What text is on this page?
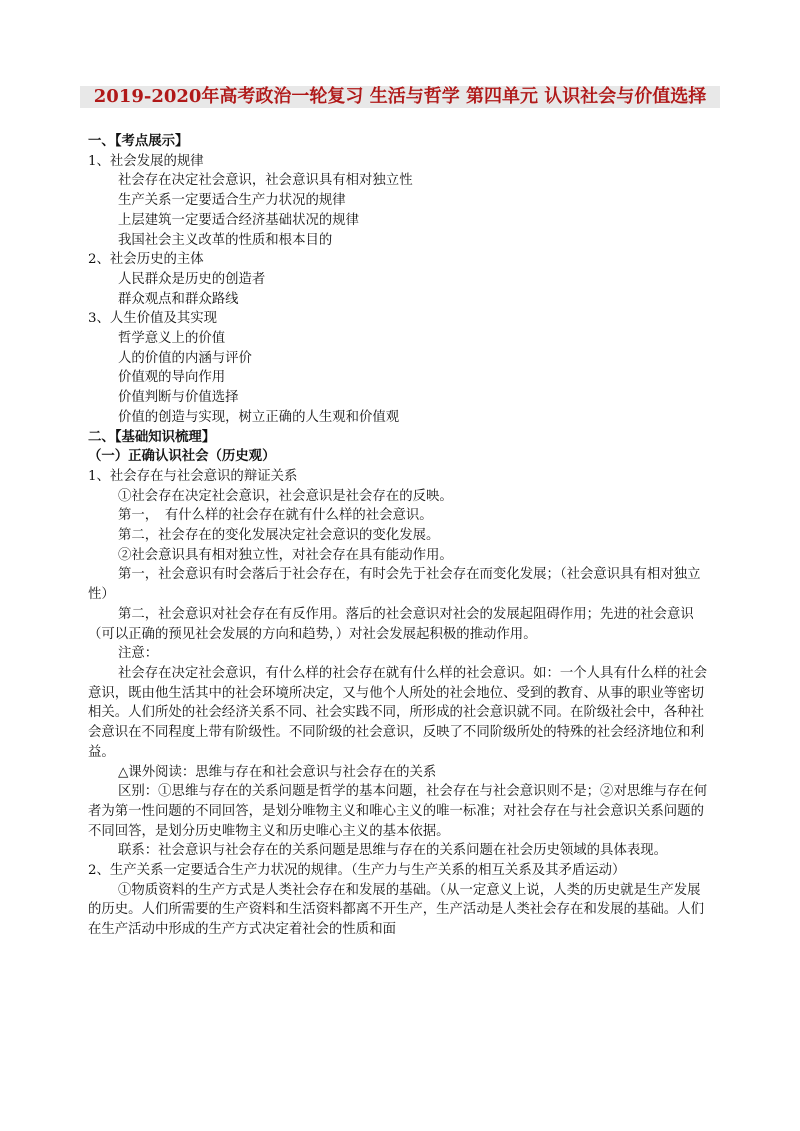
2019-2020年高考政治一轮复习 生活与哲学 第四单元 认识社会与价值选择

一、【考点展示】

1、社会发展的规律

社会存在决定社会意识，社会意识具有相对独立性

生产关系一定要适合生产力状况的规律

上层建筑一定要适合经济基础状况的规律

我国社会主义改革的性质和根本目的

2、社会历史的主体

人民群众是历史的创造者

群众观点和群众路线

3、人生价值及其实现

哲学意义上的价值

人的价值的内涵与评价

价值观的导向作用

价值判断与价值选择

价值的创造与实现，树立正确的人生观和价值观

二、【基础知识梳理】

（一）正确认识社会（历史观）

1、社会存在与社会意识的辩证关系

①社会存在决定社会意识，社会意识是社会存在的反映。

第一，　有什么样的社会存在就有什么样的社会意识。

第二，社会存在的变化发展决定社会意识的变化发展。

②社会意识具有相对独立性，对社会存在具有能动作用。

第一，社会意识有时会落后于社会存在，有时会先于社会存在而变化发展；（社会意识具有相对独立性）

第二，社会意识对社会存在有反作用。落后的社会意识对社会的发展起阻碍作用；先进的社会意识（可以正确的预见社会发展的方向和趋势，）对社会发展起积极的推动作用。

注意：

社会存在决定社会意识，有什么样的社会存在就有什么样的社会意识。如：一个人具有什么样的社会意识，既由他生活其中的社会环境所决定，又与他个人所处的社会地位、受到的教育、从事的职业等密切相关。人们所处的社会经济关系不同、社会实践不同，所形成的社会意识就不同。在阶级社会中，各种社会意识在不同程度上带有阶级性。不同阶级的社会意识，反映了不同阶级所处的特殊的社会经济地位和利益。

△课外阅读：思维与存在和社会意识与社会存在的关系

区别：①思维与存在的关系问题是哲学的基本问题，社会存在与社会意识则不是；②对思维与存在何者为第一性问题的不同回答，是划分唯物主义和唯心主义的唯一标准；对社会存在与社会意识关系问题的不同回答，是划分历史唯物主义和历史唯心主义的基本依据。

联系：社会意识与社会存在的关系问题是思维与存在的关系问题在社会历史领域的具体表现。

2、生产关系一定要适合生产力状况的规律。（生产力与生产关系的相互关系及其矛盾运动）

①物质资料的生产方式是人类社会存在和发展的基础。（从一定意义上说，人类的历史就是生产发展的历史。人们所需要的生产资料和生活资料都离不开生产，生产活动是人类社会存在和发展的基础。人们在生产活动中形成的生产方式决定着社会的性质和面
